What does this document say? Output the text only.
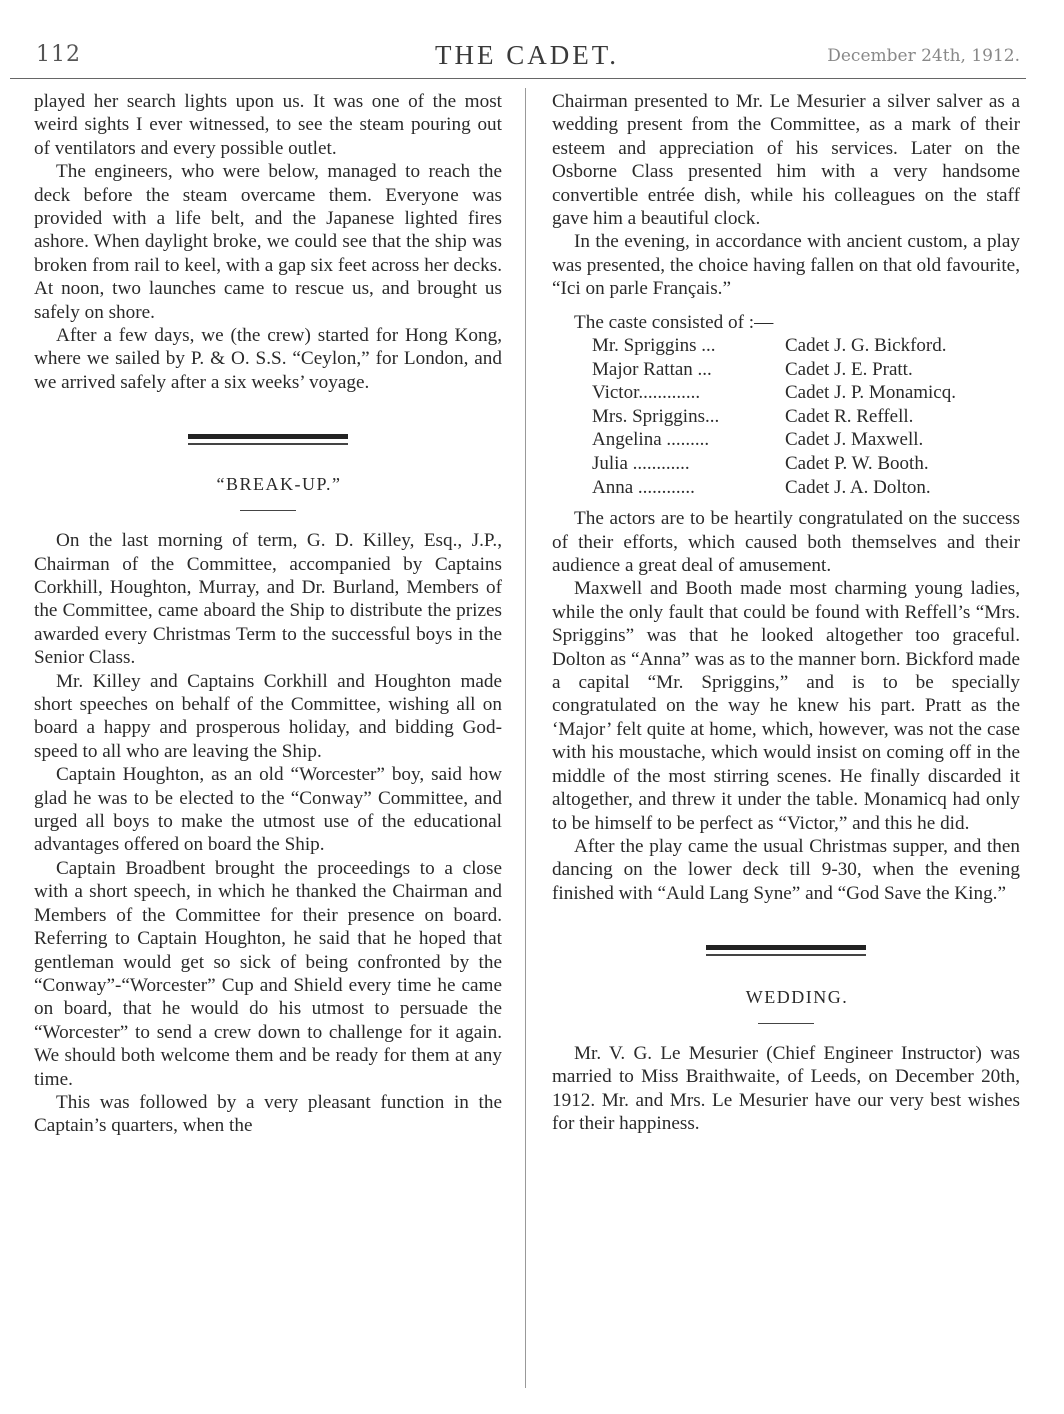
112	THE CADET.	December 24th, 1912.

played her search lights upon us. It was one of the most weird sights I ever witnessed, to see the steam pouring out of ventilators and every possible outlet.

The engineers, who were below, managed to reach the deck before the steam overcame them. Everyone was provided with a life belt, and the Japanese lighted fires ashore. When daylight broke, we could see that the ship was broken from rail to keel, with a gap six feet across her decks. At noon, two launches came to rescue us, and brought us safely on shore.

After a few days, we (the crew) started for Hong Kong, where we sailed by P. & O. S.S. “Ceylon,” for London, and we arrived safely after a six weeks’ voyage.

“BREAK-UP.”

On the last morning of term, G. D. Killey, Esq., J.P., Chairman of the Committee, accompanied by Captains Corkhill, Houghton, Murray, and Dr. Burland, Members of the Committee, came aboard the Ship to distribute the prizes awarded every Christmas Term to the successful boys in the Senior Class.

Mr. Killey and Captains Corkhill and Houghton made short speeches on behalf of the Committee, wishing all on board a happy and prosperous holiday, and bidding God-speed to all who are leaving the Ship.

Captain Houghton, as an old “Worcester” boy, said how glad he was to be elected to the “Conway” Committee, and urged all boys to make the utmost use of the educational advantages offered on board the Ship.

Captain Broadbent brought the proceedings to a close with a short speech, in which he thanked the Chairman and Members of the Committee for their presence on board. Referring to Captain Houghton, he said that he hoped that gentleman would get so sick of being confronted by the “Conway”-“Worcester” Cup and Shield every time he came on board, that he would do his utmost to persuade the “Worcester” to send a crew down to challenge for it again. We should both welcome them and be ready for them at any time.

This was followed by a very pleasant function in the Captain’s quarters, when the

Chairman presented to Mr. Le Mesurier a silver salver as a wedding present from the Committee, as a mark of their esteem and appreciation of his services. Later on the Osborne Class presented him with a very handsome convertible entrée dish, while his colleagues on the staff gave him a beautiful clock.

In the evening, in accordance with ancient custom, a play was presented, the choice having fallen on that old favourite, “Ici on parle Français.”

The caste consisted of :—

Mr. Spriggins ...	Cadet J. G. Bickford.
Major Rattan ...	Cadet J. E. Pratt.
Victor.............	Cadet J. P. Monamicq.
Mrs. Spriggins...	Cadet R. Reffell.
Angelina .........	Cadet J. Maxwell.
Julia ............	Cadet P. W. Booth.
Anna ............	Cadet J. A. Dolton.

The actors are to be heartily congratulated on the success of their efforts, which caused both themselves and their audience a great deal of amusement.

Maxwell and Booth made most charming young ladies, while the only fault that could be found with Reffell’s “Mrs. Spriggins” was that he looked altogether too graceful. Dolton as “Anna” was as to the manner born. Bickford made a capital “Mr. Spriggins,” and is to be specially congratulated on the way he knew his part. Pratt as the ‘Major’ felt quite at home, which, however, was not the case with his moustache, which would insist on coming off in the middle of the most stirring scenes. He finally discarded it altogether, and threw it under the table. Monamicq had only to be himself to be perfect as “Victor,” and this he did.

After the play came the usual Christmas supper, and then dancing on the lower deck till 9-30, when the evening finished with “Auld Lang Syne” and “God Save the King.”

WEDDING.

Mr. V. G. Le Mesurier (Chief Engineer Instructor) was married to Miss Braithwaite, of Leeds, on December 20th, 1912. Mr. and Mrs. Le Mesurier have our very best wishes for their happiness.
